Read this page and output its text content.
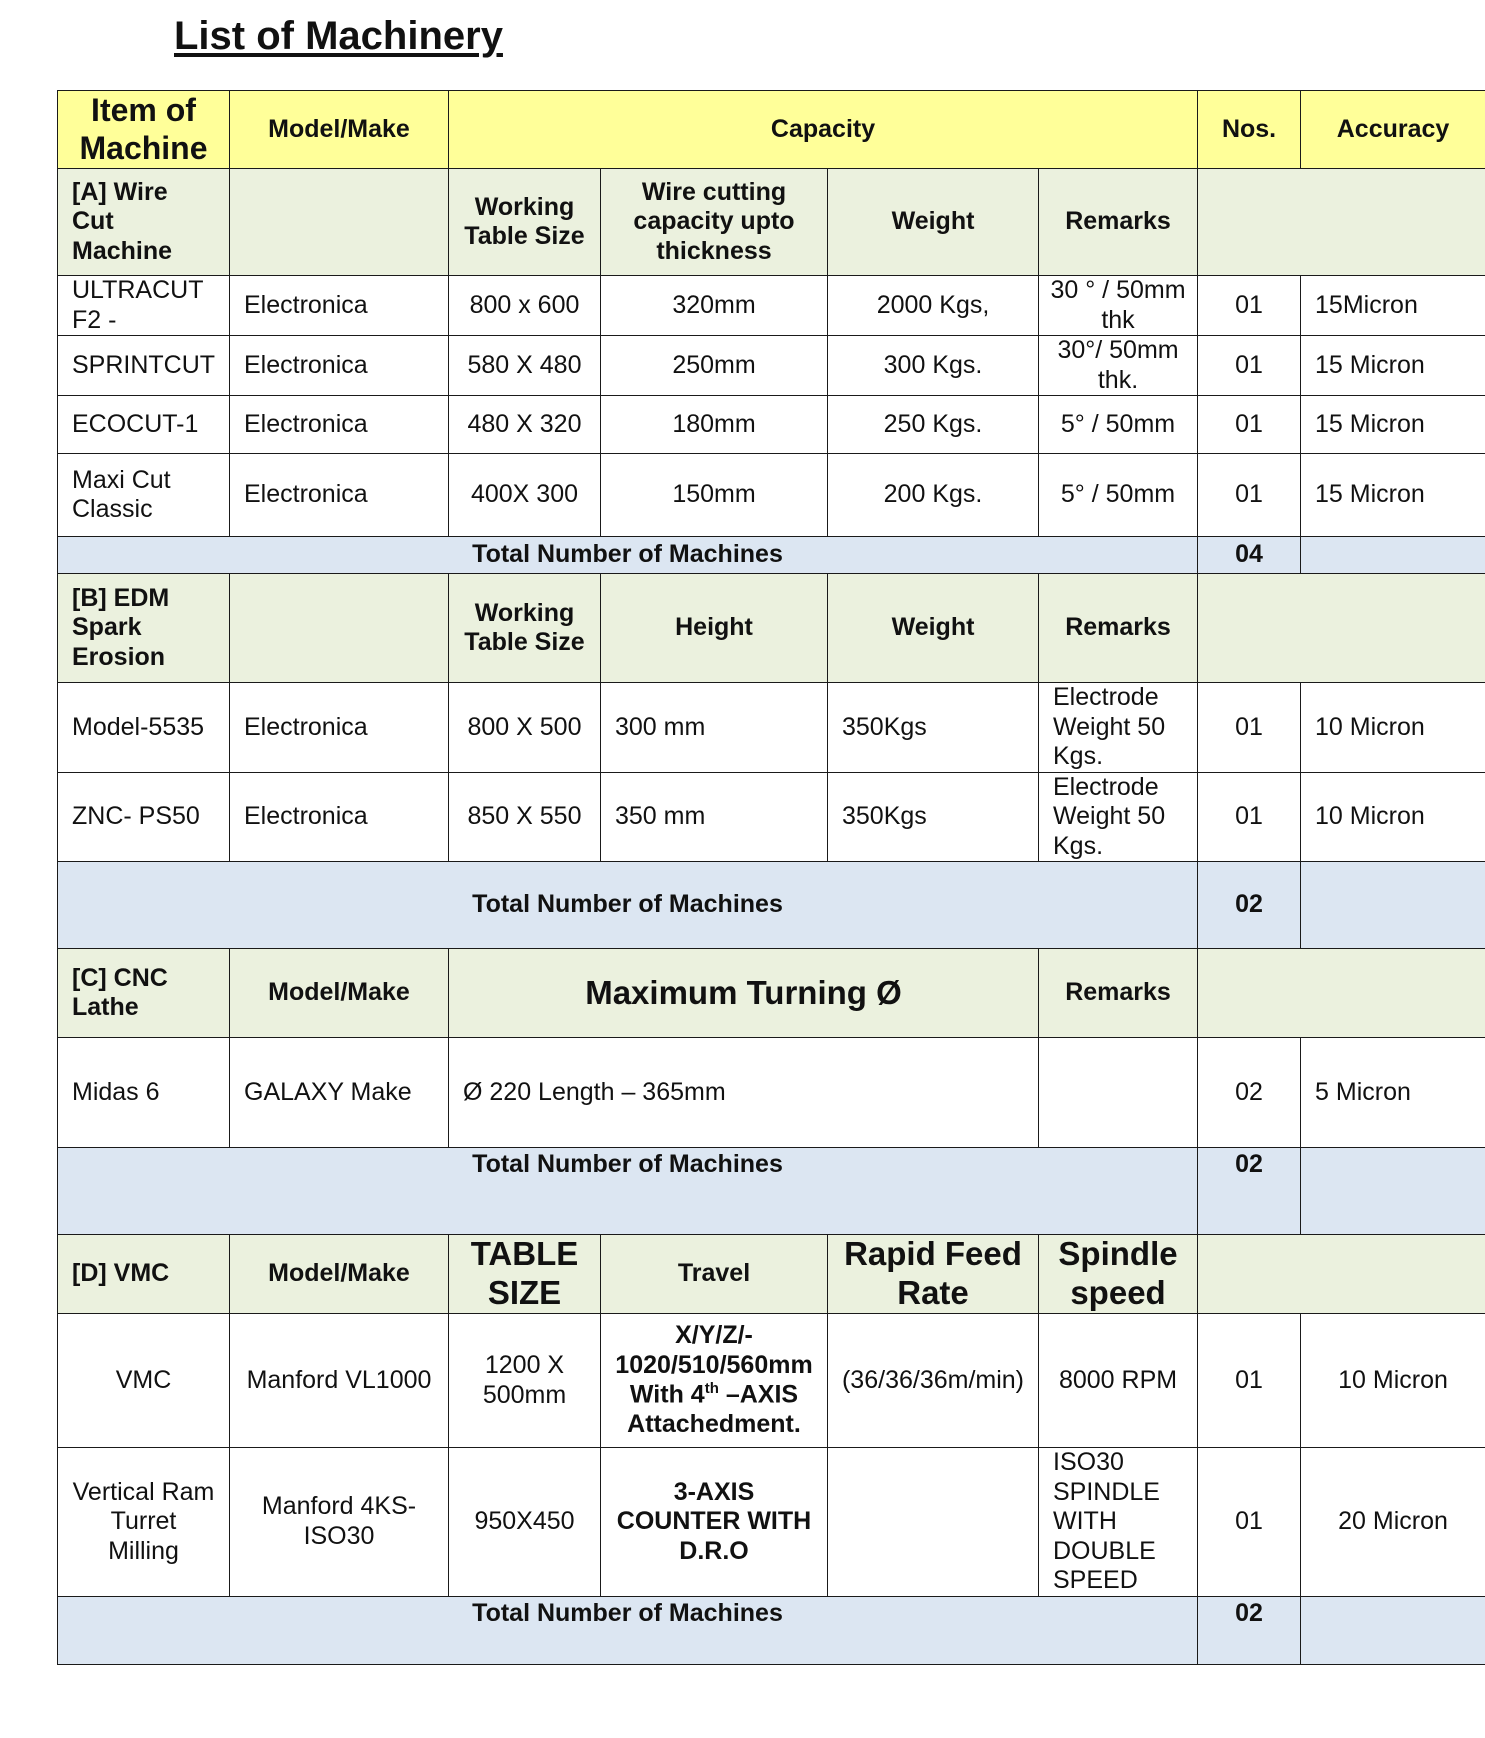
List of Machinery
Item of Machine	Model/Make	Capacity				Nos.	Accuracy
[A] Wire Cut Machine		Working Table Size	Wire cutting capacity upto thickness	Weight	Remarks		
ULTRACUT F2 -	Electronica	800 x 600	320mm	2000 Kgs,	30 ° / 50mm thk	01	15Micron
SPRINTCUT	Electronica	580 X 480	250mm	300 Kgs.	30°/ 50mm thk.	01	15 Micron
ECOCUT-1	Electronica	480 X 320	180mm	250 Kgs.	5° / 50mm	01	15 Micron
Maxi Cut Classic	Electronica	400X 300	150mm	200 Kgs.	5° / 50mm	01	15 Micron
Total Number of Machines						04	
[B] EDM Spark Erosion		Working Table Size	Height	Weight	Remarks		
Model-5535	Electronica	800 X 500	300 mm	350Kgs	Electrode Weight 50 Kgs.	01	10 Micron
ZNC- PS50	Electronica	850 X 550	350 mm	350Kgs	Electrode Weight 50 Kgs.	01	10 Micron
Total Number of Machines						02	
[C] CNC Lathe	Model/Make	Maximum Turning Ø			Remarks		
Midas 6	GALAXY Make	Ø 220 Length – 365mm				02	5 Micron
Total Number of Machines						02	
[D] VMC	Model/Make	TABLE SIZE	Travel	Rapid Feed Rate	Spindle speed		
VMC	Manford VL1000	1200 X 500mm	X/Y/Z/- 1020/510/560mm With 4th –AXIS Attachedment.	(36/36/36m/min)	8000 RPM	01	10 Micron
Vertical Ram Turret Milling	Manford 4KS-ISO30	950X450	3-AXIS COUNTER WITH D.R.O		ISO30 SPINDLE WITH DOUBLE SPEED	01	20 Micron
Total Number of Machines						02	
